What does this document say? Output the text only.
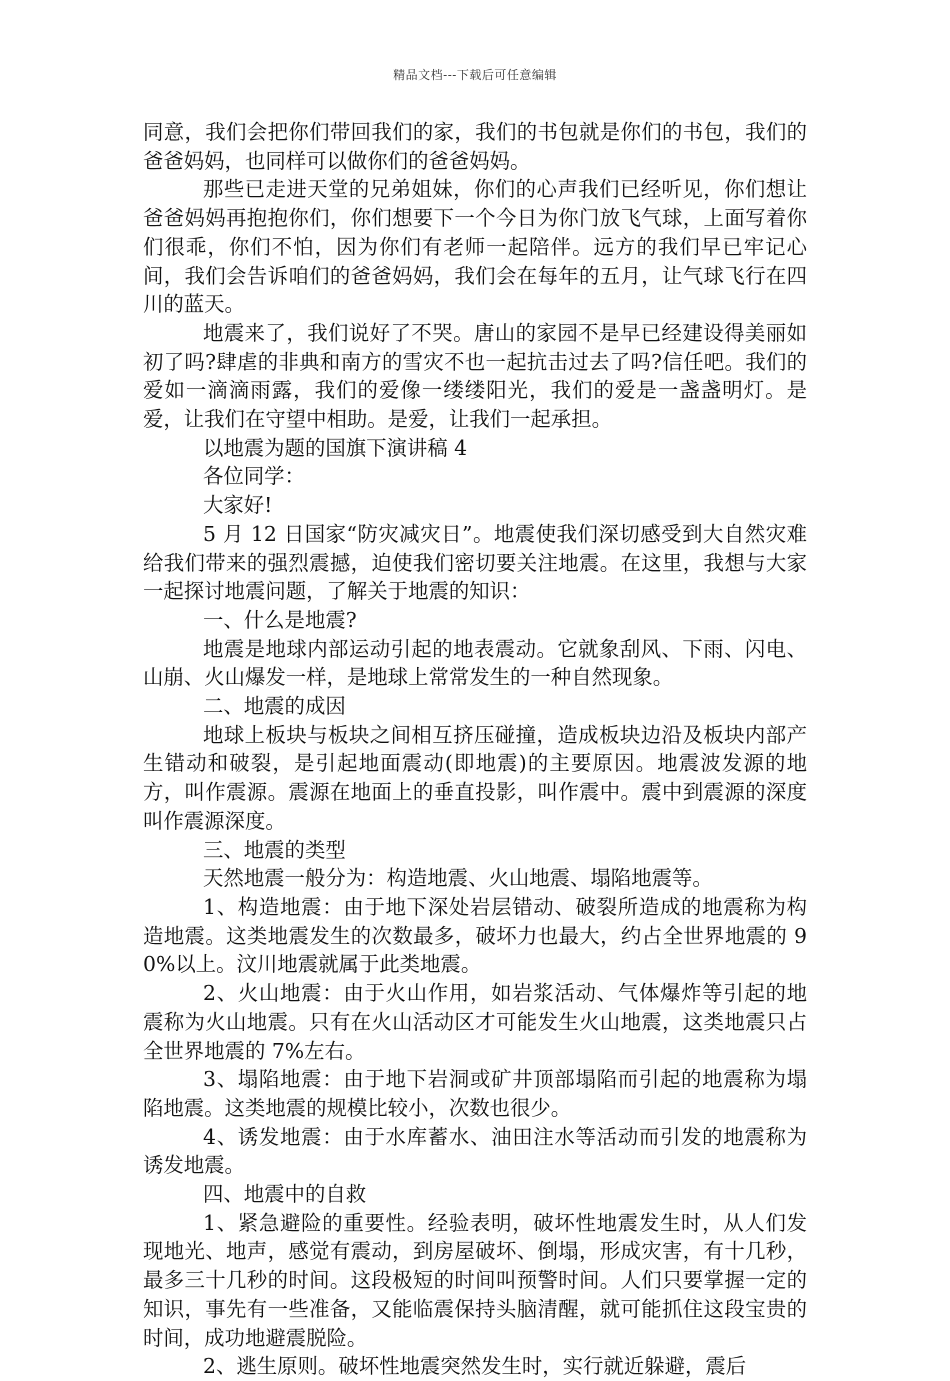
精品文档---下载后可任意编辑

同意，我们会把你们带回我们的家，我们的书包就是你们的书包，我们的爸爸妈妈，也同样可以做你们的爸爸妈妈。

那些已走进天堂的兄弟姐妹，你们的心声我们已经听见，你们想让爸爸妈妈再抱抱你们，你们想要下一个今日为你门放飞气球，上面写着你们很乖，你们不怕，因为你们有老师一起陪伴。远方的我们早已牢记心间，我们会告诉咱们的爸爸妈妈，我们会在每年的五月，让气球飞行在四川的蓝天。

地震来了，我们说好了不哭。唐山的家园不是早已经建设得美丽如初了吗?肆虐的非典和南方的雪灾不也一起抗击过去了吗?信任吧。我们的爱如一滴滴雨露，我们的爱像一缕缕阳光，我们的爱是一盏盏明灯。是爱，让我们在守望中相助。是爱，让我们一起承担。

以地震为题的国旗下演讲稿 4

各位同学：

大家好!

5 月 12 日国家“防灾减灾日”。地震使我们深切感受到大自然灾难给我们带来的强烈震撼，迫使我们密切要关注地震。在这里，我想与大家一起探讨地震问题，了解关于地震的知识：

一、什么是地震?

地震是地球内部运动引起的地表震动。它就象刮风、下雨、闪电、山崩、火山爆发一样，是地球上常常发生的一种自然现象。

二、地震的成因

地球上板块与板块之间相互挤压碰撞，造成板块边沿及板块内部产生错动和破裂，是引起地面震动(即地震)的主要原因。地震波发源的地方，叫作震源。震源在地面上的垂直投影，叫作震中。震中到震源的深度叫作震源深度。

三、地震的类型

天然地震一般分为：构造地震、火山地震、塌陷地震等。

1、构造地震：由于地下深处岩层错动、破裂所造成的地震称为构造地震。这类地震发生的次数最多，破坏力也最大，约占全世界地震的 90%以上。汶川地震就属于此类地震。

2、火山地震：由于火山作用，如岩浆活动、气体爆炸等引起的地震称为火山地震。只有在火山活动区才可能发生火山地震，这类地震只占全世界地震的 7%左右。

3、塌陷地震：由于地下岩洞或矿井顶部塌陷而引起的地震称为塌陷地震。这类地震的规模比较小，次数也很少。

4、诱发地震：由于水库蓄水、油田注水等活动而引发的地震称为诱发地震。

四、地震中的自救

1、紧急避险的重要性。经验表明，破坏性地震发生时，从人们发现地光、地声，感觉有震动，到房屋破坏、倒塌，形成灾害，有十几秒，最多三十几秒的时间。这段极短的时间叫预警时间。人们只要掌握一定的知识，事先有一些准备，又能临震保持头脑清醒，就可能抓住这段宝贵的时间，成功地避震脱险。

2、逃生原则。破坏性地震突然发生时，实行就近躲避，震后
